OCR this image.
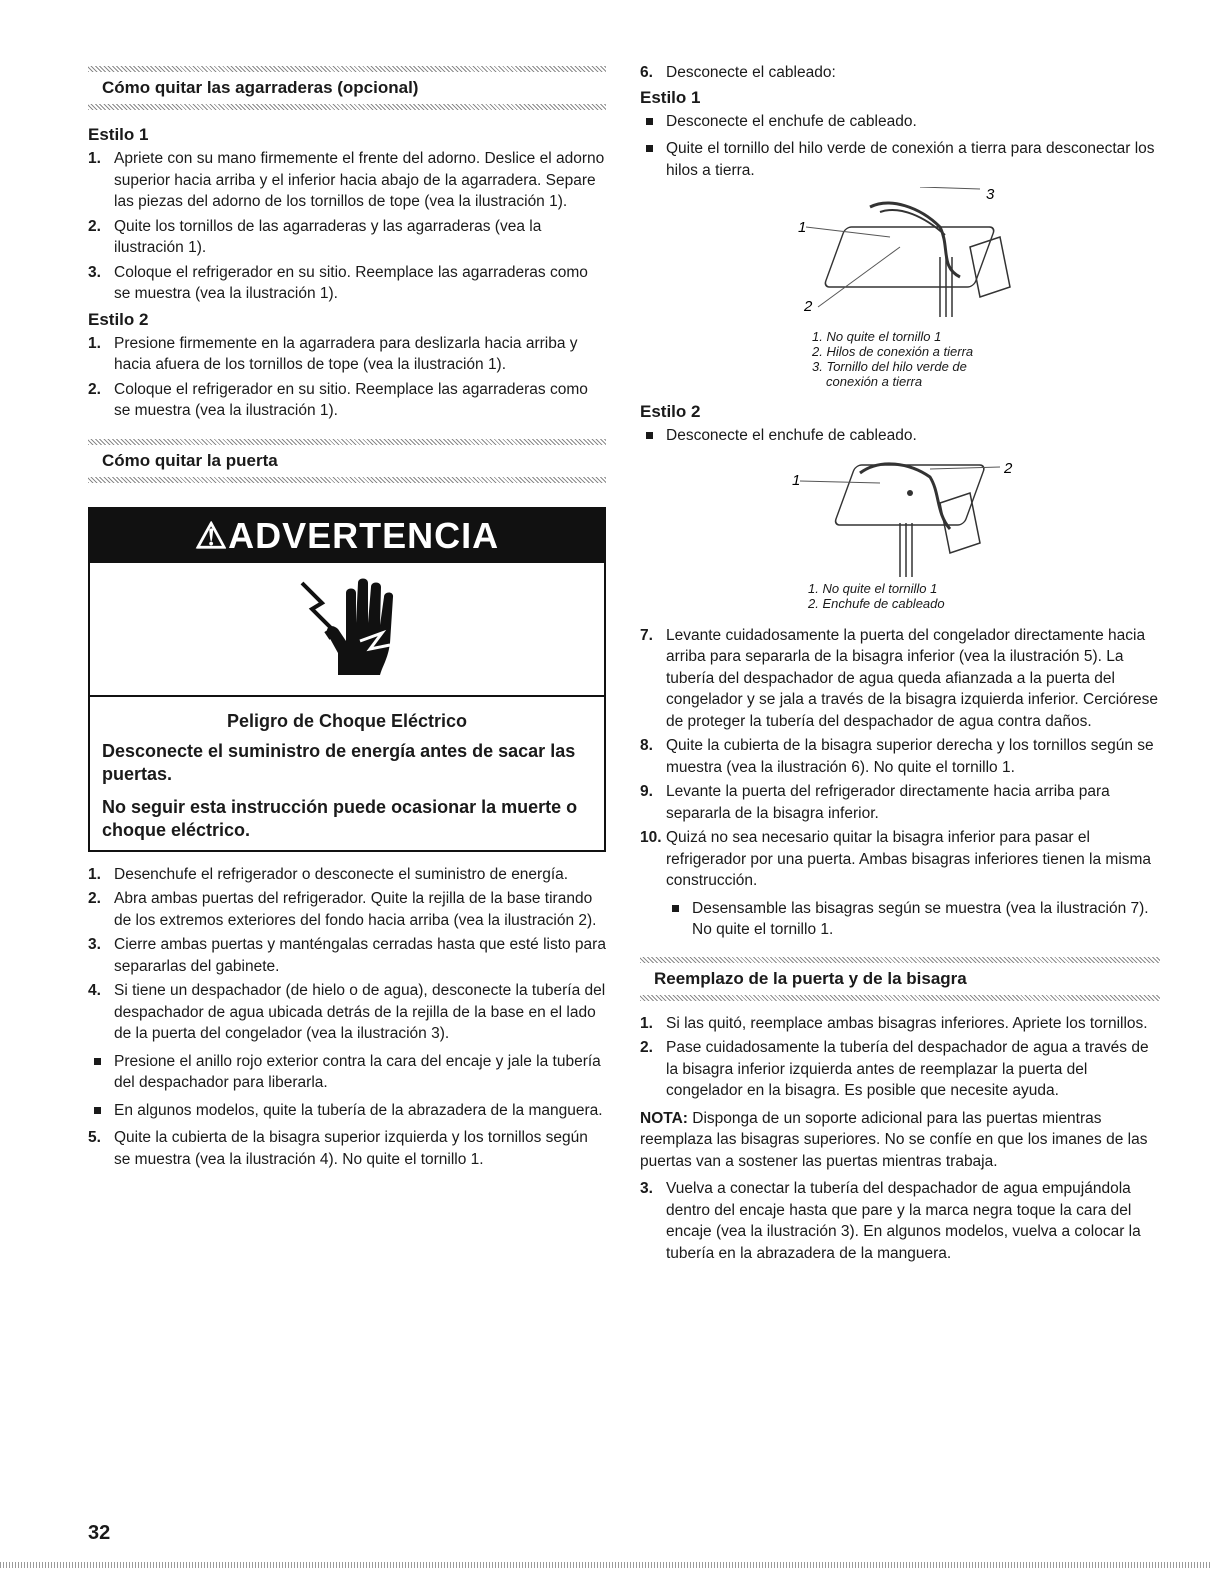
Cómo quitar las agarraderas (opcional)
Estilo 1
1. Apriete con su mano firmemente el frente del adorno. Deslice el adorno superior hacia arriba y el inferior hacia abajo de la agarradera. Separe las piezas del adorno de los tornillos de tope (vea la ilustración 1).
2. Quite los tornillos de las agarraderas y las agarraderas (vea la ilustración 1).
3. Coloque el refrigerador en su sitio. Reemplace las agarraderas como se muestra (vea la ilustración 1).
Estilo 2
1. Presione firmemente en la agarradera para deslizarla hacia arriba y hacia afuera de los tornillos de tope (vea la ilustración 1).
2. Coloque el refrigerador en su sitio. Reemplace las agarraderas como se muestra (vea la ilustración 1).
Cómo quitar la puerta
⚠ADVERTENCIA
Peligro de Choque Eléctrico
Desconecte el suministro de energía antes de sacar las puertas.
No seguir esta instrucción puede ocasionar la muerte o choque eléctrico.
1. Desenchufe el refrigerador o desconecte el suministro de energía.
2. Abra ambas puertas del refrigerador. Quite la rejilla de la base tirando de los extremos exteriores del fondo hacia arriba (vea la ilustración 2).
3. Cierre ambas puertas y manténgalas cerradas hasta que esté listo para separarlas del gabinete.
4. Si tiene un despachador (de hielo o de agua), desconecte la tubería del despachador de agua ubicada detrás de la rejilla de la base en el lado de la puerta del congelador (vea la ilustración 3).
Presione el anillo rojo exterior contra la cara del encaje y jale la tubería del despachador para liberarla.
En algunos modelos, quite la tubería de la abrazadera de la manguera.
5. Quite la cubierta de la bisagra superior izquierda y los tornillos según se muestra (vea la ilustración 4). No quite el tornillo 1.
6. Desconecte el cableado:
Estilo 1
Desconecte el enchufe de cableado.
Quite el tornillo del hilo verde de conexión a tierra para desconectar los hilos a tierra.
1
2
3
1. No quite el tornillo 1
2. Hilos de conexión a tierra
3. Tornillo del hilo verde de conexión a tierra
Estilo 2
Desconecte el enchufe de cableado.
1
2
1. No quite el tornillo 1
2. Enchufe de cableado
7. Levante cuidadosamente la puerta del congelador directamente hacia arriba para separarla de la bisagra inferior (vea la ilustración 5). La tubería del despachador de agua queda afianzada a la puerta del congelador y se jala a través de la bisagra izquierda inferior. Cerciórese de proteger la tubería del despachador de agua contra daños.
8. Quite la cubierta de la bisagra superior derecha y los tornillos según se muestra (vea la ilustración 6). No quite el tornillo 1.
9. Levante la puerta del refrigerador directamente hacia arriba para separarla de la bisagra inferior.
10. Quizá no sea necesario quitar la bisagra inferior para pasar el refrigerador por una puerta. Ambas bisagras inferiores tienen la misma construcción.
Desensamble las bisagras según se muestra (vea la ilustración 7). No quite el tornillo 1.
Reemplazo de la puerta y de la bisagra
1. Si las quitó, reemplace ambas bisagras inferiores. Apriete los tornillos.
2. Pase cuidadosamente la tubería del despachador de agua a través de la bisagra inferior izquierda antes de reemplazar la puerta del congelador en la bisagra. Es posible que necesite ayuda.
NOTA: Disponga de un soporte adicional para las puertas mientras reemplaza las bisagras superiores. No se confíe en que los imanes de las puertas van a sostener las puertas mientras trabaja.
3. Vuelva a conectar la tubería del despachador de agua empujándola dentro del encaje hasta que pare y la marca negra toque la cara del encaje (vea la ilustración 3). En algunos modelos, vuelva a colocar la tubería en la abrazadera de la manguera.
32
